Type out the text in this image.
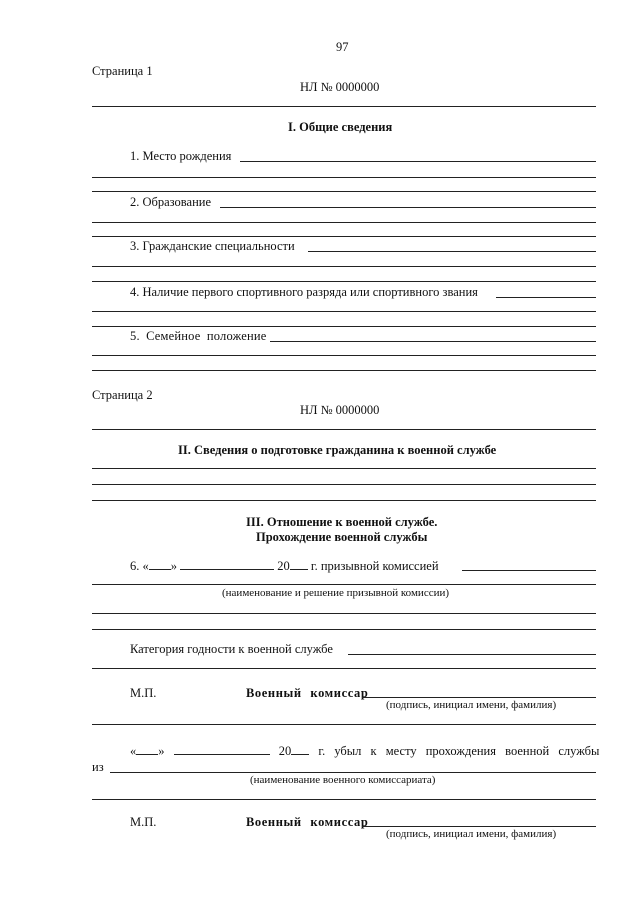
97
Страница 1
НЛ № 0000000
I. Общие сведения
1. Место рождения
2. Образование
3. Гражданские специальности
4. Наличие первого спортивного разряда или спортивного звания
5. Семейное положение
Страница 2
НЛ № 0000000
II. Сведения о подготовке гражданина к военной службе
III. Отношение к военной службе.
Прохождение военной службы
6. « »	20 г. призывной комиссией
(наименование и решение призывной комиссии)
Категория годности к военной службе
М.П.	Военный комиссар
(подпись, инициал имени, фамилия)
« »	20 г. убыл к месту прохождения военной службы
из
(наименование военного комиссариата)
М.П.	Военный комиссар
(подпись, инициал имени, фамилия)
